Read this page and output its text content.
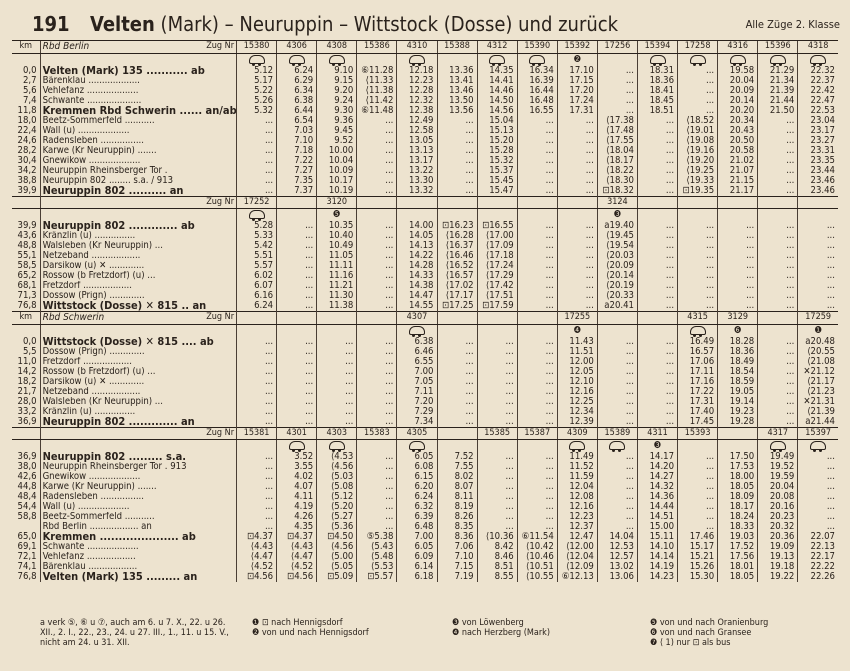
191 Velten (Mark) – Neuruppin – Wittstock (Dosse) und zurück	Alle Züge 2. Klasse
km	Rbd Berlin Zug Nr	15380	4306	4308	15386	4310	15388	4312	15390	15392	17256	15394	17258	4316	15396	4318
										❷						
0,0	Velten (Mark) 135 ........... ab	5.12	6.24	9.10	⑥11.28	12.18	13.36	14.35	16.34	17.10	...	18.31	...	19.58	21.29	22.32
2,7	Bärenklau ...................	5.17	6.29	9.15	⟨11.33	12.23	13.41	14.41	16.39	17.15	...	18.36	...	20.04	21.34	22.37
5,6	Vehlefanz ...................	5.22	6.34	9.20	⟨11.38	12.28	13.46	14.46	16.44	17.20	...	18.41	...	20.09	21.39	22.42
7,4	Schwante ....................	5.26	6.38	9.24	⟨11.42	12.32	13.50	14.50	16.48	17.24	...	18.45	...	20.14	21.44	22.47
11,8	Kremmen Rbd Schwerin ...... an/ab	5.32	6.44	9.30	⑥11.48	12.38	13.56	14.56	16.55	17.31	...	18.51	...	20.20	21.50	22.53
18,0	Beetz-Sommerfeld ...........	...	6.54	9.36	...	12.49	...	15.04	...	...	⟨17.38	...	⟨18.52	20.34	...	23.04
22,4	Wall (u) ...................	...	7.03	9.45	...	12.58	...	15.13	...	...	⟨17.48	...	⟨19.01	20.43	...	23.17
24,6	Radensleben ................	...	7.10	9.52	...	13.05	...	15.20	...	...	⟨17.55	...	⟨19.08	20.50	...	23.27
28,2	Karwe (Kr Neuruppin) .......	...	7.18	10.00	...	13.13	...	15.28	...	...	⟨18.04	...	⟨19.16	20.58	...	23.31
30,4	Gnewikow ...................	...	7.22	10.04	...	13.17	...	15.32	...	...	⟨18.17	...	⟨19.20	21.02	...	23.35
34,2	Neuruppin Rheinsberger Tor .	...	7.27	10.09	...	13.22	...	15.37	...	...	⟨18.22	...	⟨19.25	21.07	...	23.44
38,8	Neuruppin 802 ........ s.a. / 913	...	7.35	10.17	...	13.30	...	15.45	...	...	⟨18.30	...	⟨19.33	21.15	...	23.46
39,9	Neuruppin 802 .......... an	...	7.37	10.19	...	13.32	...	15.47	...	...	⊡18.32	...	⊡19.35	21.17	...	23.46

	Zug Nr	17252		3120							3124					
				❺							❸					
39,9	Neuruppin 802 ............. ab	5.28	...	10.35	...	14.00	⊡16.23	⊡16.55	...	...	a19.40	...	...	...	...	...
43,6	Kränzlin (u) ...............	5.33	...	10.40	...	14.05	⟨16.28	⟨17.00	...	...	⟨19.45	...	...	...	...	...
48,8	Walsleben (Kr Neuruppin) ...	5.42	...	10.49	...	14.13	⟨16.37	⟨17.09	...	...	⟨19.54	...	...	...	...	...
55,1	Netzeband ..................	5.51	...	11.05	...	14.22	⟨16.46	⟨17.18	...	...	⟨20.03	...	...	...	...	...
58,5	Darsikow (u) ✕ .............	5.57	...	11.11	...	14.28	⟨16.52	⟨17.24	...	...	⟨20.09	...	...	...	...	...
65,2	Rossow (b Fretzdorf) (u) ...	6.02	...	11.16	...	14.33	⟨16.57	⟨17.29	...	...	⟨20.14	...	...	...	...	...
68,1	Fretzdorf ..................	6.07	...	11.21	...	14.38	⟨17.02	⟨17.42	...	...	⟨20.19	...	...	...	...	...
71,3	Dossow (Prign) .............	6.16	...	11.30	...	14.47	⟨17.17	⟨17.51	...	...	⟨20.33	...	...	...	...	...
76,8	Wittstock (Dosse) ✕ 815 .. an	6.24	...	11.38	...	14.55	⊡17.25	⊡17.59	...	...	a20.41	...	...	...	...	...
km	Rbd Schwerin Zug Nr					4307				17255			4315	3129		17259
										❹				❻		❶
0,0	Wittstock (Dosse) ✕ 815 .... ab	...	...	...	...	6.38	...	...	...	11.43	...	...	16.49	18.28	...	a20.48
5,5	Dossow (Prign) .............	...	...	...	...	6.46	...	...	...	11.51	...	...	16.57	18.36	...	⟨20.55
11,0	Fretzdorf ..................	...	...	...	...	6.55	...	...	...	12.00	...	...	17.06	18.49	...	⟨21.08
14,2	Rossow (b Fretzdorf) (u) ...	...	...	...	...	7.00	...	...	...	12.05	...	...	17.11	18.54	...	✕21.12
18,2	Darsikow (u) ✕ .............	...	...	...	...	7.05	...	...	...	12.10	...	...	17.16	18.59	...	⟨21.17
21,7	Netzeband ..................	...	...	...	...	7.11	...	...	...	12.16	...	...	17.22	19.05	...	⟨21.23
28,0	Walsleben (Kr Neuruppin) ...	...	...	...	...	7.20	...	...	...	12.25	...	...	17.31	19.14	...	✕21.31
33,2	Kränzlin (u) ...............	...	...	...	...	7.29	...	...	...	12.34	...	...	17.40	19.23	...	⟨21.39
36,9	Neuruppin 802 ............. an	...	...	...	...	7.34	...	...	...	12.39	...	...	17.45	19.28	...	a21.44

	Zug Nr	15381	4301	4303	15383	4305		15385	15387	4309	15389	4311	15393		4317	15397
												❸				
36,9	Neuruppin 802 ......... s.a.	...	3.52	⟨4.53	...	6.05	7.52	...	...	11.49	...	14.17	...	17.50	19.49	...
38,0	Neuruppin Rheinsberger Tor . 913	...	3.55	⟨4.56	...	6.08	7.55	...	...	11.52	...	14.20	...	17.53	19.52	...
42,6	Gnewikow ...................	...	4.02	⟨5.03	...	6.15	8.02	...	...	11.59	...	14.27	...	18.00	19.59	...
44,8	Karwe (Kr Neuruppin) .......	...	4.07	⟨5.08	...	6.20	8.07	...	...	12.04	...	14.32	...	18.05	20.04	...
48,4	Radensleben ................	...	4.11	⟨5.12	...	6.24	8.11	...	...	12.08	...	14.36	...	18.09	20.08	...
54,4	Wall (u) ...................	...	4.19	⟨5.20	...	6.32	8.19	...	...	12.16	...	14.44	...	18.17	20.16	...
58,8	Beetz-Sommerfeld ...........	...	4.26	⟨5.27	...	6.39	8.26	...	...	12.23	...	14.51	...	18.24	20.23	...
	Rbd Berlin .................. an	...	4.35	⟨5.36	...	6.48	8.35	...	...	12.37	...	15.00	...	18.33	20.32	...
65,0	Kremmen ..................... ab	⊡4.37	⊡4.37	⊡4.50	⑤5.38	7.00	8.36	⟨10.36	⑥11.54	12.47	14.04	15.11	17.46	19.03	20.36	22.07
69,1	Schwante ...................	⟨4.43	⟨4.43	⟨4.56	⟨5.43	6.05	7.06	8.42	⟨10.42	⟨12.00	12.53	14.10	15.17	17.52	19.09	22.13
72,1	Vehlefanz ..................	⟨4.47	⟨4.47	⟨5.00	⟨5.48	6.09	7.10	8.46	⟨10.46	⟨12.04	12.57	14.14	15.21	17.56	19.13	22.17
74,1	Bärenklau ..................	⟨4.52	⟨4.52	⟨5.05	⟨5.53	6.14	7.15	8.51	⟨10.51	⟨12.09	13.02	14.19	15.26	18.01	19.18	22.22
76,8	Velten (Mark) 135 ......... an	⊡4.56	⊡4.56	⊡5.09	⊡5.57	6.18	7.19	8.55	⟨10.55	⑥12.13	13.06	14.23	15.30	18.05	19.22	22.26
a verk ⑤, ⑥ u ⑦, auch am 6. u 7. X., 22. u 26. XII., 2. I., 22., 23., 24. u 27. III., 1., 11. u 15. V., nicht am 24. u 31. XII.
❶ ⊡ nach Hennigsdorf
❷ von und nach Hennigsdorf
❸ von Löwenberg
❹ nach Herzberg (Mark)
❺ von und nach Oranienburg
❻ von und nach Gransee
❼ ⟨ 1) nur ⊡ als bus
